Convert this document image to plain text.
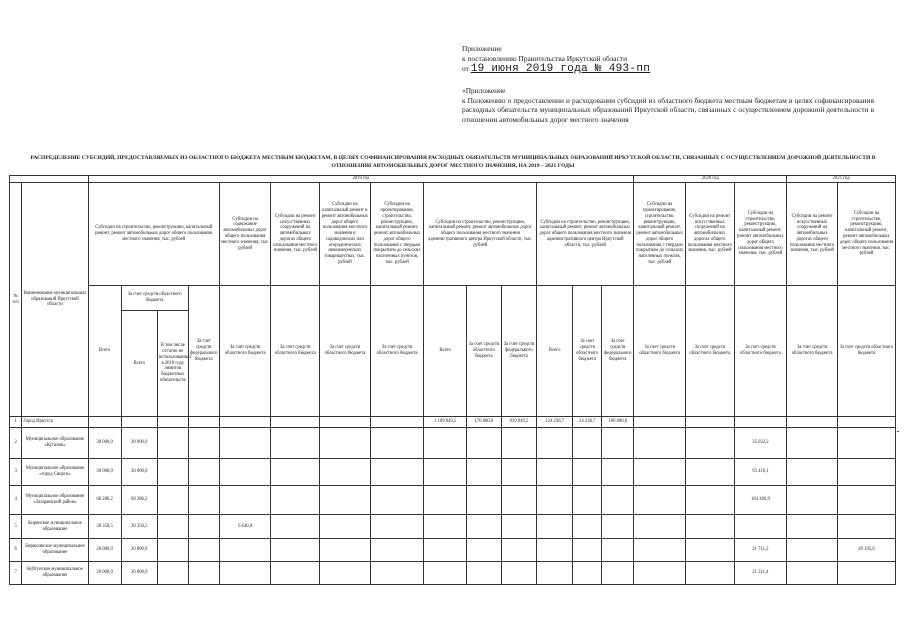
Приложение

к постановлению Правительства Иркутской области

от 19 июня 2019 года № 493-пп

«Приложение

к Положению о предоставлении и расходовании субсидий из областного бюджета местным бюджетам в целях софинансирования расходных обязательств муниципальных образований Иркутской области, связанных с осуществлением дорожной деятельности в отношении автомобильных дорог местного значения

РАСПРЕДЕЛЕНИЕ СУБСИДИЙ, ПРЕДОСТАВЛЯЕМЫХ ИЗ ОБЛАСТНОГО БЮДЖЕТА МЕСТНЫМ БЮДЖЕТАМ, В ЦЕЛЯХ СОФИНАНСИРОВАНИЯ РАСХОДНЫХ ОБЯЗАТЕЛЬСТВ МУНИЦИПАЛЬНЫХ ОБРАЗОВАНИЙ ИРКУТСКОЙ ОБЛАСТИ, СВЯЗАННЫХ С ОСУЩЕСТВЛЕНИЕМ ДОРОЖНОЙ ДЕЯТЕЛЬНОСТИ В ОТНОШЕНИИ АВТОМОБИЛЬНЫХ ДОРОГ МЕСТНОГО ЗНАЧЕНИЯ, НА 2019 – 2021 ГОДЫ
		2019 год														2020 год			2021 год	
№ п/п	Наименование муниципальных образований Иркутской области	Субсидии на строительство, реконструкцию, капитальный ремонт, ремонт автомобильных дорог общего пользования местного значения, тыс. рублей				Субсидии на содержание автомобильных дорог общего пользования местного значения, тыс. рублей	Субсидии на ремонт искусственных сооружений на автомобильных дорогах общего пользования местного значения, тыс. рублей	Субсидии на капитальный ремонт и ремонт автомобильных дорог общего пользования местного значения в садоводческих или огороднических некоммерческих товариществах, тыс. рублей	Субсидии на проектирование, строительство, реконструкцию, капитальный ремонт, ремонт автомобильных дорог общего пользования с твердым покрытием до сельских населенных пунктов, тыс. рублей	Субсидии на строительство, реконструкцию, капитальный ремонт, ремонт автомобильных дорог общего пользования местного значения административного центра Иркутской области, тыс. рублей			Субсидии на строительство, реконструкцию, капитальный ремонт, ремонт автомобильных дорог общего пользования местного значения административного центра Иркутской области, тыс. рублей			Субсидии на проектирование, строительство, реконструкцию, капитальный ремонт, ремонт автомобильных дорог общего пользования с твердым покрытием до сельских населенных пунктов, тыс. рублей	Субсидии на ремонт искусственных сооружений на автомобильных дорогах общего пользования местного значения, тыс. рублей	Субсидии на строительство, реконструкцию, капитальный ремонт, ремонт автомобильных дорог общего пользования местного значения, тыс. рублей	Субсидии на ремонт искусственных сооружений на автомобильных дорогах общего пользования местного значения, тыс. рублей	Субсидии на строительство, реконструкцию, капитальный ремонт, ремонт автомобильных дорог общего пользования местного значения, тыс. рублей
		Всего	За счет средств областного бюджета		За счет средств федерального бюджета	За счет средств областного бюджета	За счет средств областного бюджета	За счет средств областного бюджета	За счет средств областного бюджета	Всего	За счет средств областного бюджета	За счет средств федерального бюджета	Всего	За счет средств областного бюджета	За счет средств федерального бюджета	За счет средств областного бюджета	За счет средств областного бюджета	За счет средств областного бюджета	За счет средств областного бюджета	За счет средств областного бюджета
			Всего	В том числе остаток не использованных в 2018 году лимитов бюджетных обязательств																
1	Город Иркутск									1 109 049,5	170 000,0	939 049,5	124 236,7	24 236,7	100 000,0					
2	Муниципальное образование «Куталик»	30 000,0	30 000,0															35 032,2		
3	Муниципальное образование «город Свирск»	30 000,0	30 000,0															93 416,1		
4	Муниципальное образование «Заларинский район»	68 286,2	68 286,2															184 400,9		
5	Киренское муниципальное образование	30 350,5	30 350,5			6 640,0														
6	Бирюсинское муниципальное образование	20 000,0	20 000,0															21 711,2		49 105,6
7	Куйтунское муниципальное образование	20 000,0	20 000,0															21 311,4		
